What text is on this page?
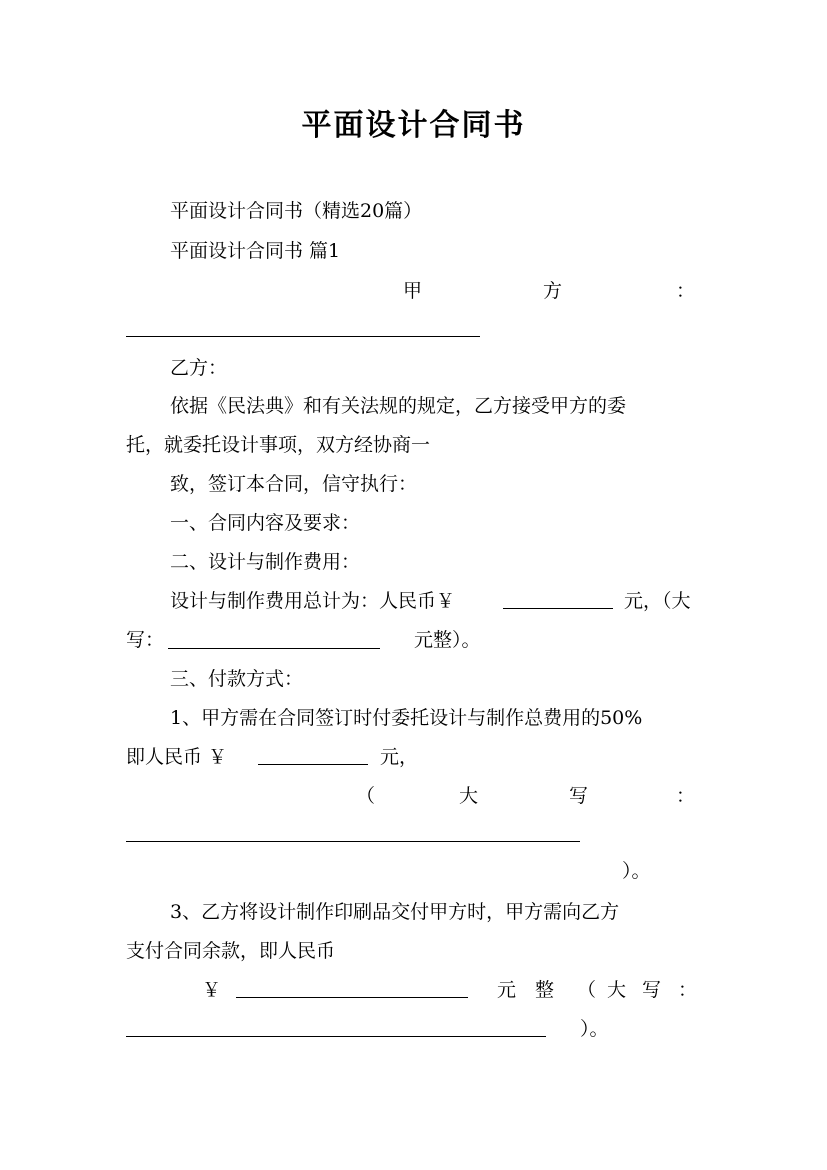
平面设计合同书
平面设计合同书（精选20篇）
平面设计合同书 篇1
甲	方	：
乙方：
依据《民法典》和有关法规的规定，乙方接受甲方的委
托，就委托设计事项，双方经协商一
致，签订本合同，信守执行：
一、合同内容及要求：
二、设计与制作费用：
设计与制作费用总计为：人民币￥	元，（大
写：	元整）。
三、付款方式：
1、甲方需在合同签订时付委托设计与制作总费用的50%
即人民币 ￥	元，
（	大	写	：
）。
3、乙方将设计制作印刷品交付甲方时，甲方需向乙方
支付合同余款，即人民币
￥	元 整 （ 大 写 ：
）。
